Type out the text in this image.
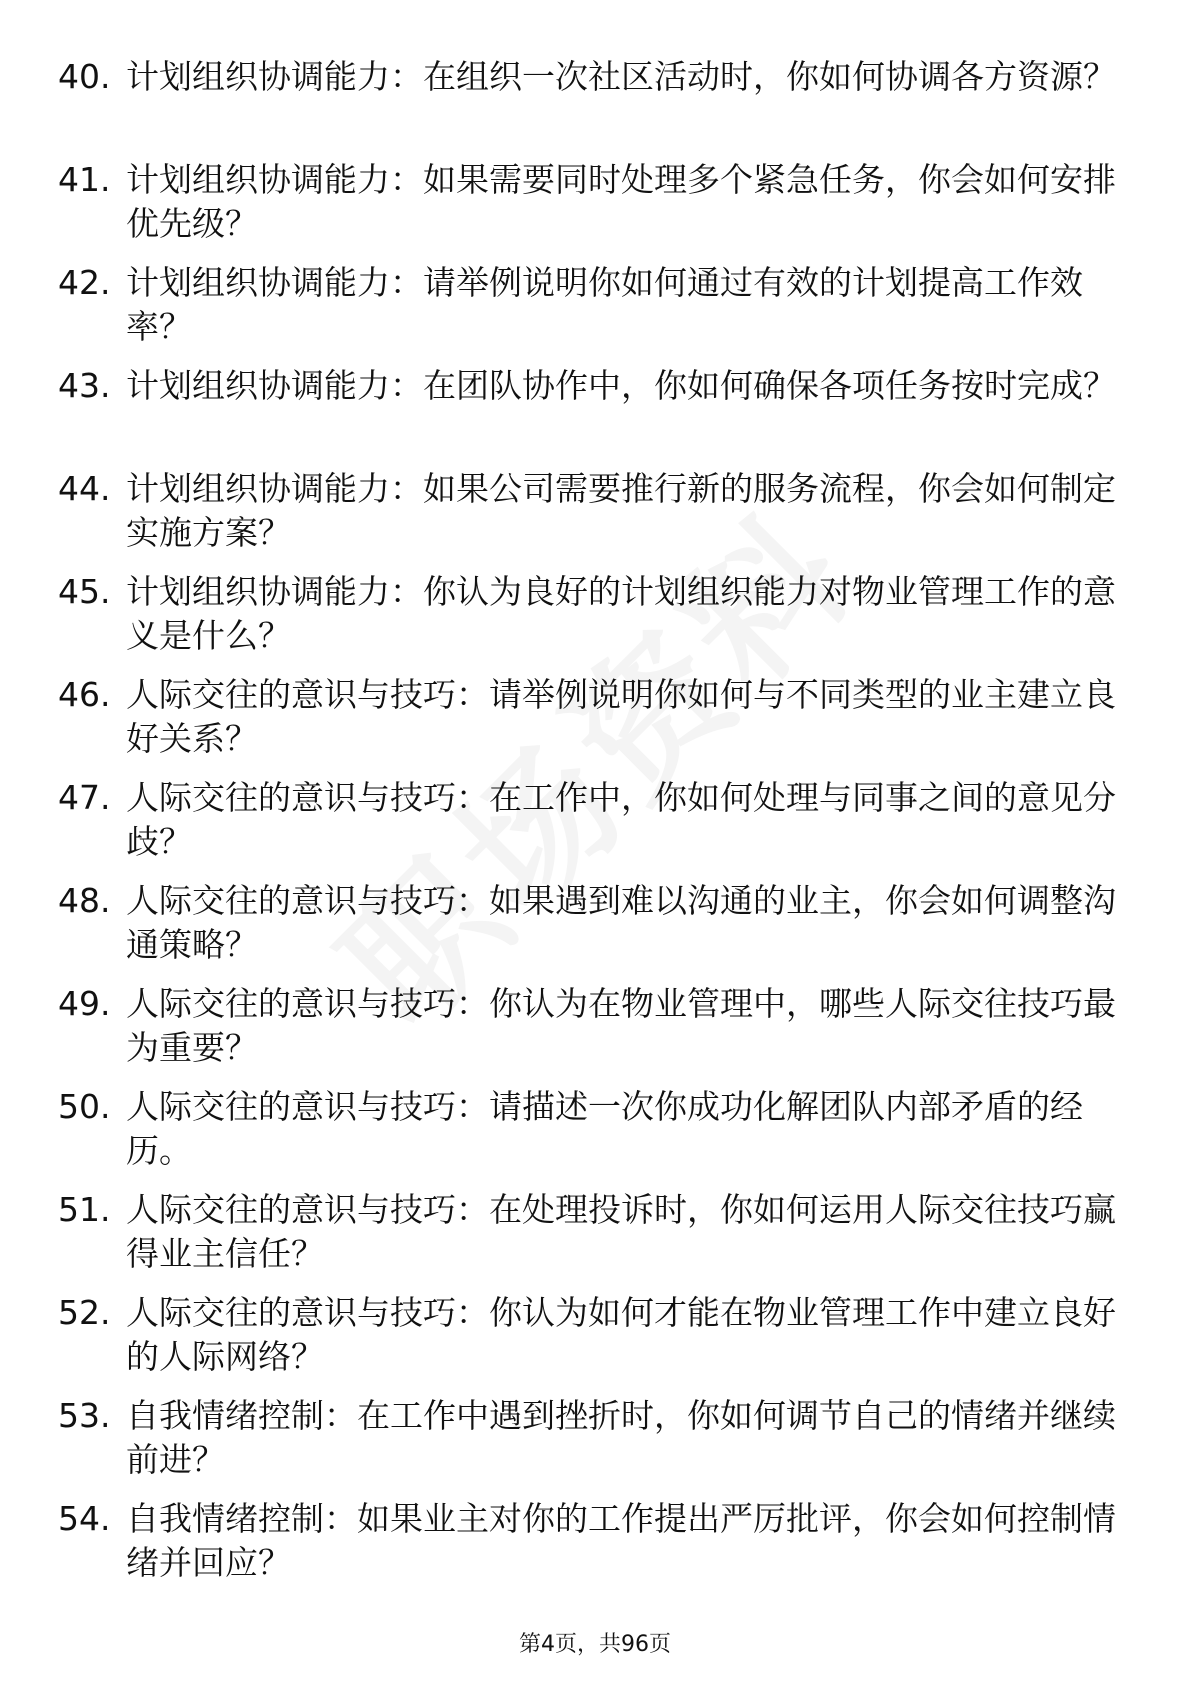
40. 计划组织协调能力：在组织一次社区活动时，你如何协调各方资源？
41. 计划组织协调能力：如果需要同时处理多个紧急任务，你会如何安排优先级？
42. 计划组织协调能力：请举例说明你如何通过有效的计划提高工作效率？
43. 计划组织协调能力：在团队协作中，你如何确保各项任务按时完成？
44. 计划组织协调能力：如果公司需要推行新的服务流程，你会如何制定实施方案？
45. 计划组织协调能力：你认为良好的计划组织能力对物业管理工作的意义是什么？
46. 人际交往的意识与技巧：请举例说明你如何与不同类型的业主建立良好关系？
47. 人际交往的意识与技巧：在工作中，你如何处理与同事之间的意见分歧？
48. 人际交往的意识与技巧：如果遇到难以沟通的业主，你会如何调整沟通策略？
49. 人际交往的意识与技巧：你认为在物业管理中，哪些人际交往技巧最为重要？
50. 人际交往的意识与技巧：请描述一次你成功化解团队内部矛盾的经历。
51. 人际交往的意识与技巧：在处理投诉时，你如何运用人际交往技巧赢得业主信任？
52. 人际交往的意识与技巧：你认为如何才能在物业管理工作中建立良好的人际网络？
53. 自我情绪控制：在工作中遇到挫折时，你如何调节自己的情绪并继续前进？
54. 自我情绪控制：如果业主对你的工作提出严厉批评，你会如何控制情绪并回应？
第4页，共96页
